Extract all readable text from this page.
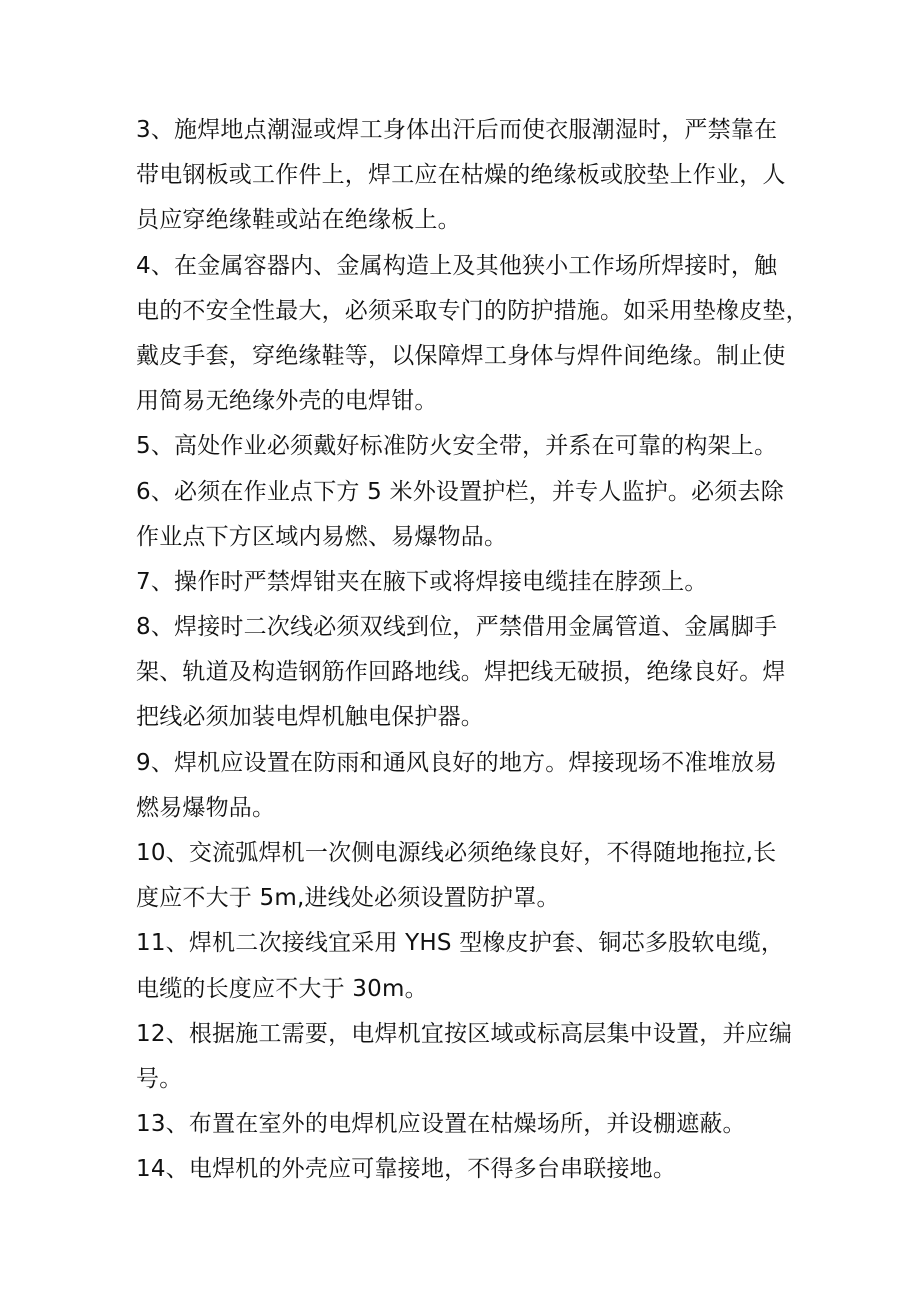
3、施焊地点潮湿或焊工身体出汗后而使衣服潮湿时，严禁靠在
带电钢板或工作件上，焊工应在枯燥的绝缘板或胶垫上作业，人
员应穿绝缘鞋或站在绝缘板上。
4、在金属容器内、金属构造上及其他狭小工作场所焊接时，触
电的不安全性最大，必须采取专门的防护措施。如采用垫橡皮垫，
戴皮手套，穿绝缘鞋等，以保障焊工身体与焊件间绝缘。制止使
用简易无绝缘外壳的电焊钳。
5、高处作业必须戴好标准防火安全带，并系在可靠的构架上。
6、必须在作业点下方 5 米外设置护栏，并专人监护。必须去除
作业点下方区域内易燃、易爆物品。
7、操作时严禁焊钳夹在腋下或将焊接电缆挂在脖颈上。
8、焊接时二次线必须双线到位，严禁借用金属管道、金属脚手
架、轨道及构造钢筋作回路地线。焊把线无破损，绝缘良好。焊
把线必须加装电焊机触电保护器。
9、焊机应设置在防雨和通风良好的地方。焊接现场不准堆放易
燃易爆物品。
10、交流弧焊机一次侧电源线必须绝缘良好，不得随地拖拉,长
度应不大于 5m,进线处必须设置防护罩。
11、焊机二次接线宜采用 YHS 型橡皮护套、铜芯多股软电缆，
电缆的长度应不大于 30m。
12、根据施工需要，电焊机宜按区域或标高层集中设置，并应编
号。
13、布置在室外的电焊机应设置在枯燥场所，并设棚遮蔽。
14、电焊机的外壳应可靠接地，不得多台串联接地。
